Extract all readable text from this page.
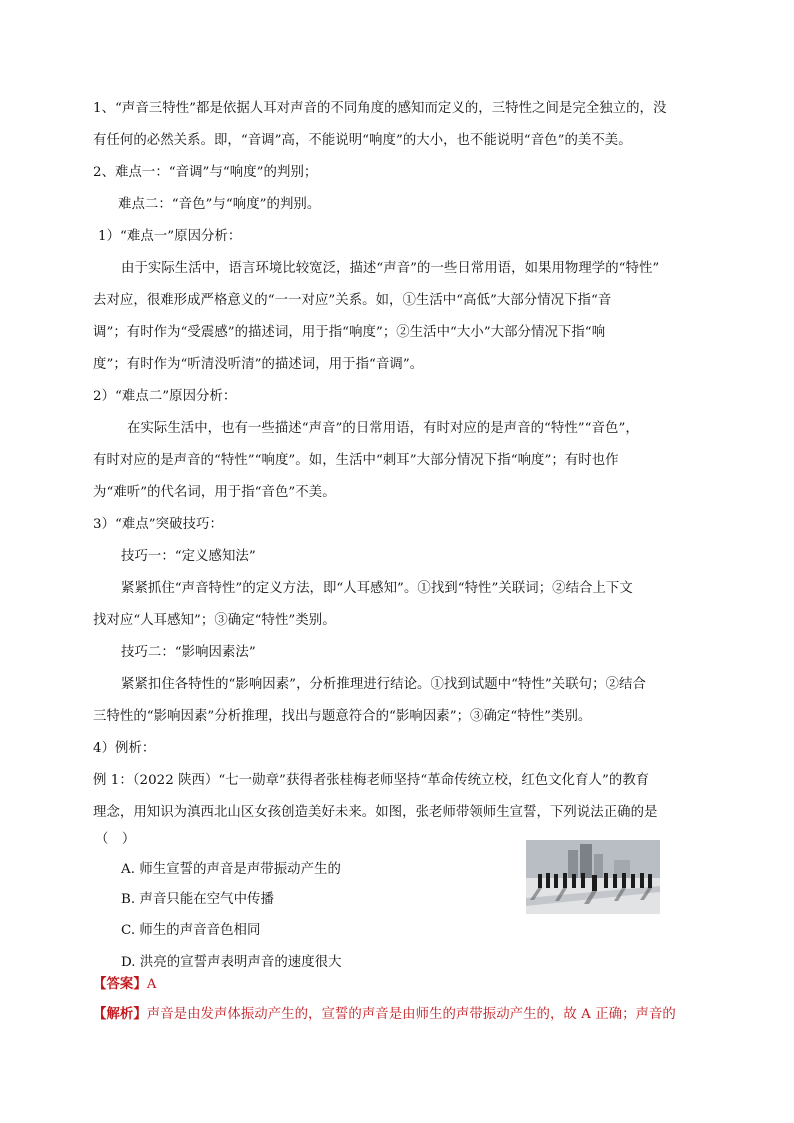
1、“声音三特性”都是依据人耳对声音的不同角度的感知而定义的，三特性之间是完全独立的，没
有任何的必然关系。即，“音调”高，不能说明“响度”的大小，也不能说明“音色”的美不美。
2、难点一：“音调”与“响度”的判别；
难点二：“音色”与“响度”的判别。
1）“难点一”原因分析：
由于实际生活中，语言环境比较宽泛，描述“声音”的一些日常用语，如果用物理学的“特性”
去对应，很难形成严格意义的“一一对应”关系。如，①生活中“高低”大部分情况下指“音
调”；有时作为“受震感”的描述词，用于指“响度”；②生活中“大小”大部分情况下指“响
度”；有时作为“听清没听清”的描述词，用于指“音调”。
2）“难点二”原因分析：
在实际生活中，也有一些描述“声音”的日常用语，有时对应的是声音的“特性”“音色”，
有时对应的是声音的“特性”“响度”。如，生活中“刺耳”大部分情况下指“响度”；有时也作
为“难听”的代名词，用于指“音色”不美。
3）“难点”突破技巧：
技巧一：“定义感知法”
紧紧抓住“声音特性”的定义方法，即“人耳感知”。①找到“特性”关联词；②结合上下文
找对应“人耳感知”；③确定“特性”类别。
技巧二：“影响因素法”
紧紧扣住各特性的“影响因素”，分析推理进行结论。①找到试题中“特性”关联句；②结合
三特性的“影响因素”分析推理，找出与题意符合的“影响因素”；③确定“特性”类别。
4）例析：
例 1：（2022 陕西）“七一勋章”获得者张桂梅老师坚持“革命传统立校，红色文化育人”的教育
理念，用知识为滇西北山区女孩创造美好未来。如图，张老师带领师生宣誓，下列说法正确的是
（　）
A. 师生宣誓的声音是声带振动产生的
B. 声音只能在空气中传播
C. 师生的声音音色相同
D. 洪亮的宣誓声表明声音的速度很大
【答案】A
【解析】声音是由发声体振动产生的，宣誓的声音是由师生的声带振动产生的，故 A 正确；声音的
